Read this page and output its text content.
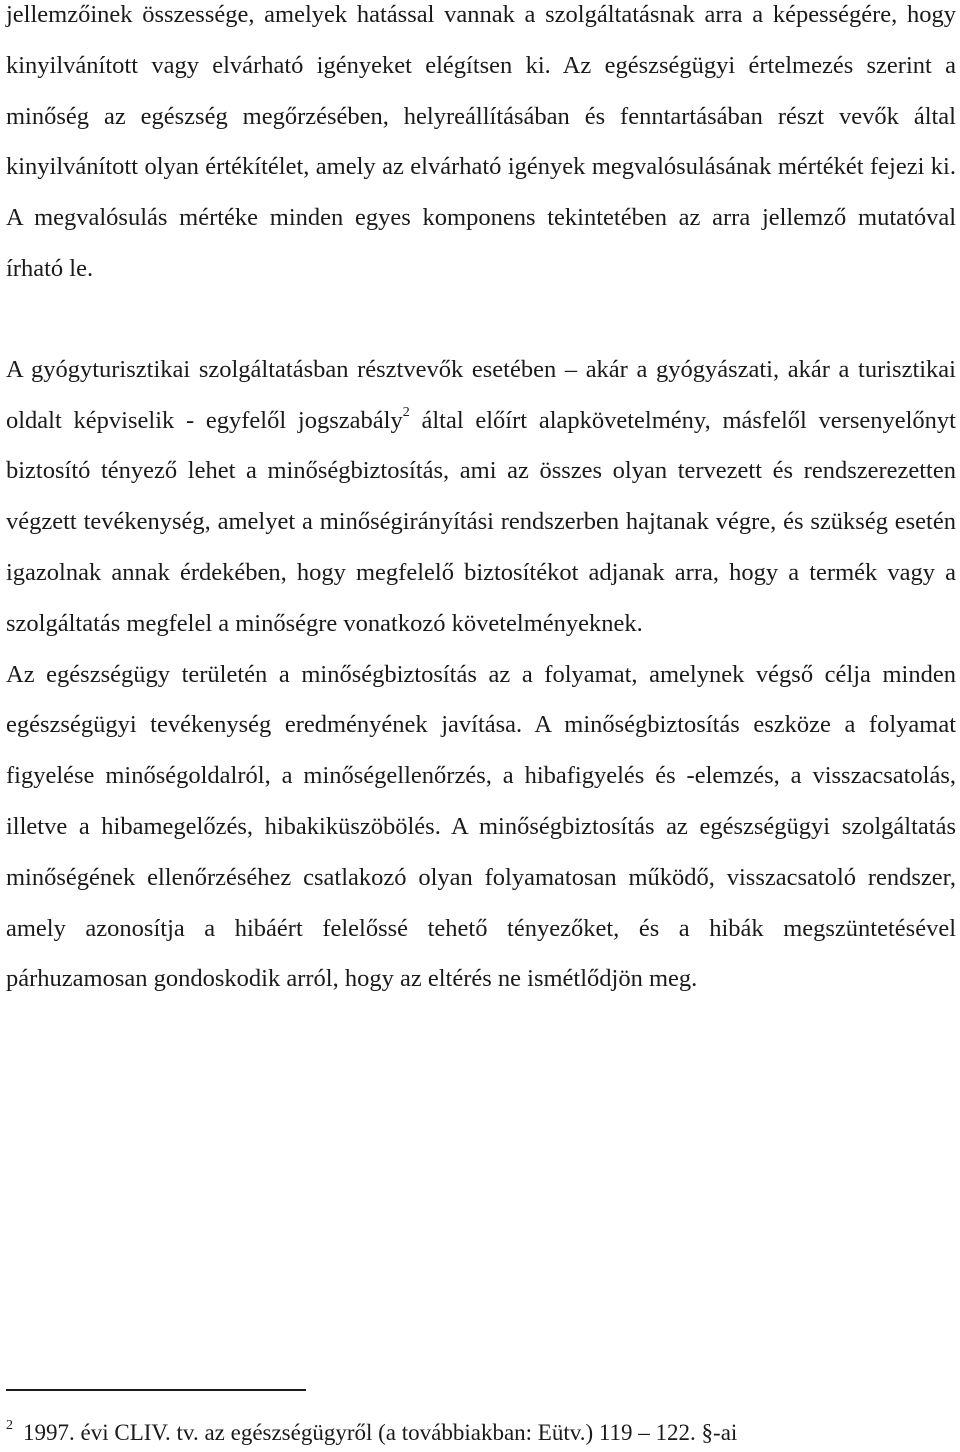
jellemzőinek összessége, amelyek hatással vannak a szolgáltatásnak arra a képességére, hogy kinyilvánított vagy elvárható igényeket elégítsen ki. Az egészségügyi értelmezés szerint a minőség az egészség megőrzésében, helyreállításában és fenntartásában részt vevők által kinyilvánított olyan értékítélet, amely az elvárható igények megvalósulásának mértékét fejezi ki. A megvalósulás mértéke minden egyes komponens tekintetében az arra jellemző mutatóval írható le.

A gyógyturisztikai szolgáltatásban résztvevők esetében – akár a gyógyászati, akár a turisztikai oldalt képviselik - egyfelől jogszabály$^2$ által előírt alapkövetelmény, másfelől versenyelőnyt biztosító tényező lehet a minőségbiztosítás, ami az összes olyan tervezett és rendszerezetten végzett tevékenység, amelyet a minőségirányítási rendszerben hajtanak végre, és szükség esetén igazolnak annak érdekében, hogy megfelelő biztosítékot adjanak arra, hogy a termék vagy a szolgáltatás megfelel a minőségre vonatkozó követelményeknek.

Az egészségügy területén a minőségbiztosítás az a folyamat, amelynek végső célja minden egészségügyi tevékenység eredményének javítása. A minőségbiztosítás eszköze a folyamat figyelése minőségoldalról, a minőségellenőrzés, a hibafigyelés és -elemzés, a visszacsatolás, illetve a hibamegelőzés, hibakiküszöbölés. A minőségbiztosítás az egészségügyi szolgáltatás minőségének ellenőrzéséhez csatlakozó olyan folyamatosan működő, visszacsatoló rendszer, amely azonosítja a hibáért felelőssé tehető tényezőket, és a hibák megszüntetésével párhuzamosan gondoskodik arról, hogy az eltérés ne ismétlődjön meg.

$^2$ 1997. évi CLIV. tv. az egészségügyről (a továbbiakban: Eütv.) 119 – 122. §-ai
